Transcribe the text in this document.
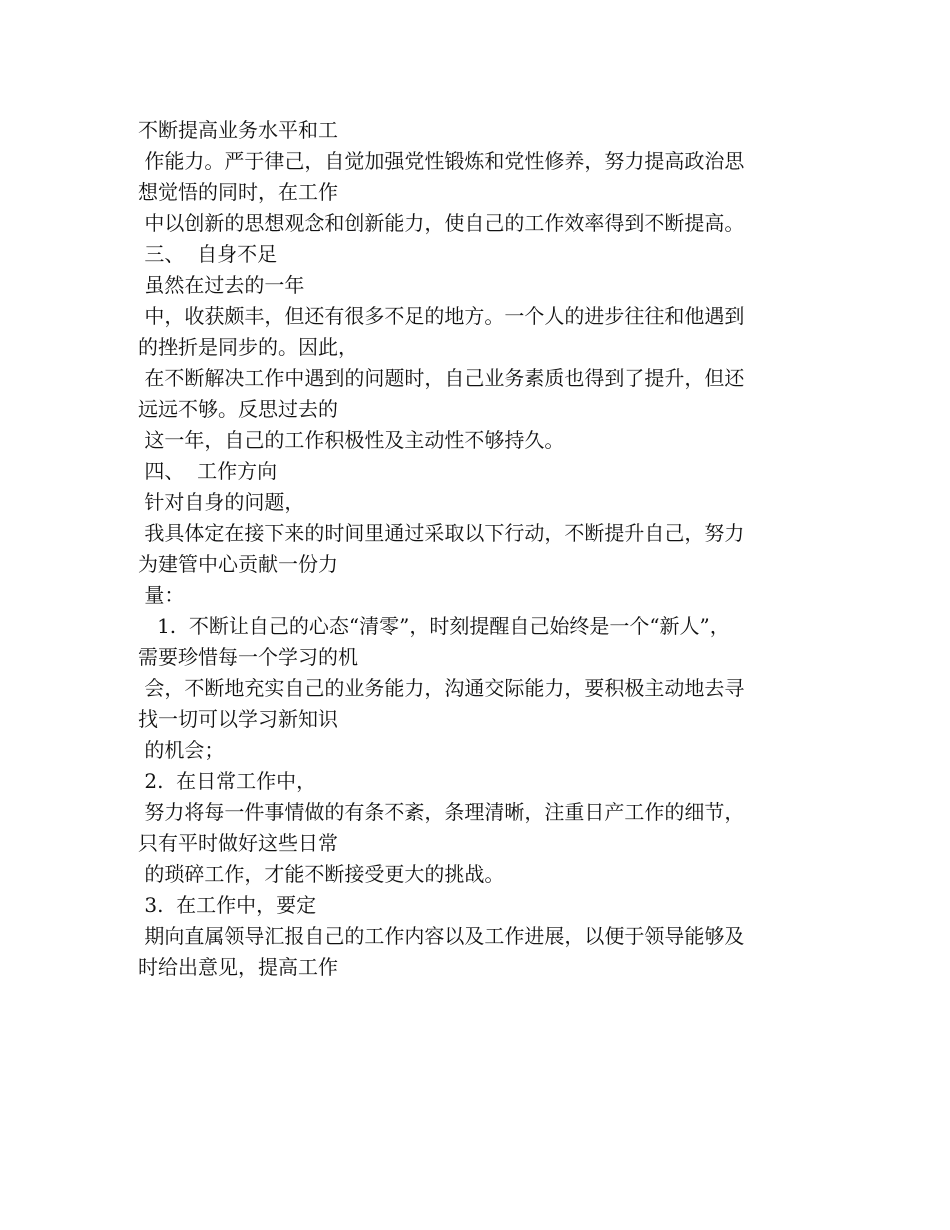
不断提高业务水平和工
作能力。严于律己，自觉加强党性锻炼和党性修养，努力提高政治思
想觉悟的同时，在工作
中以创新的思想观念和创新能力，使自己的工作效率得到不断提高。
三、  自身不足
虽然在过去的一年
中，收获颇丰，但还有很多不足的地方。一个人的进步往往和他遇到
的挫折是同步的。因此，
在不断解决工作中遇到的问题时，自己业务素质也得到了提升，但还
远远不够。反思过去的
这一年，自己的工作积极性及主动性不够持久。
四、  工作方向
针对自身的问题，
我具体定在接下来的时间里通过采取以下行动，不断提升自己，努力
为建管中心贡献一份力
量：
1.  不断让自己的心态“清零”，时刻提醒自己始终是一个“新人”，
需要珍惜每一个学习的机
会，不断地充实自己的业务能力，沟通交际能力，要积极主动地去寻
找一切可以学习新知识
的机会；
2.  在日常工作中，
努力将每一件事情做的有条不紊，条理清晰，注重日产工作的细节，
只有平时做好这些日常
的琐碎工作，才能不断接受更大的挑战。
3.  在工作中，要定
期向直属领导汇报自己的工作内容以及工作进展，以便于领导能够及
时给出意见，提高工作
